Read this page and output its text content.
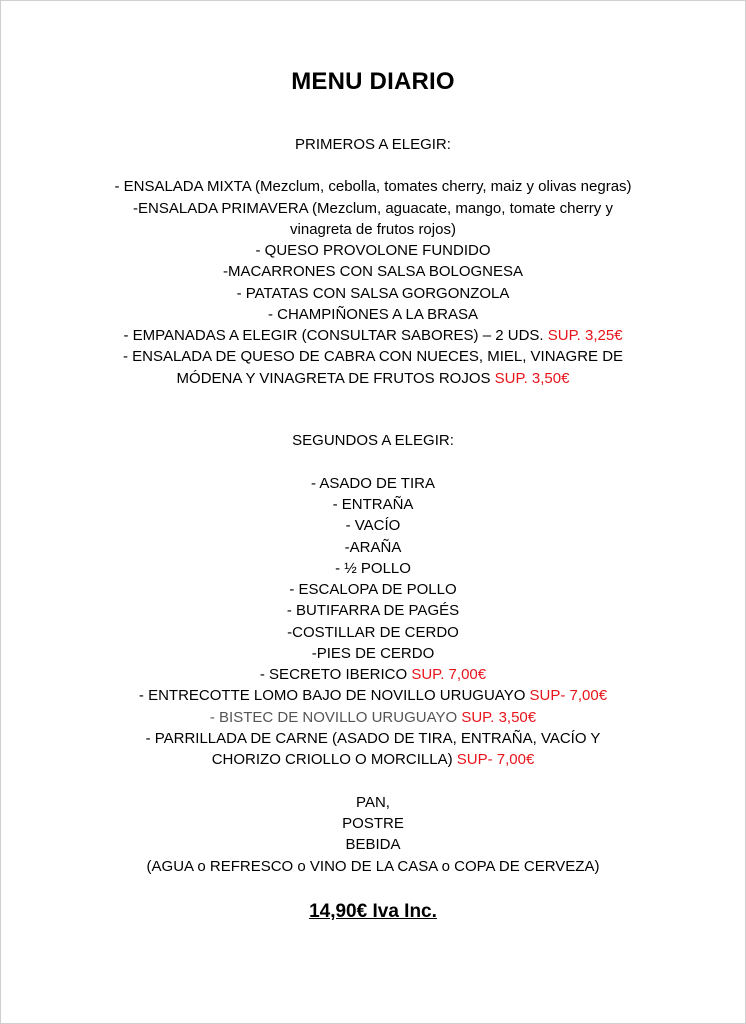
MENU DIARIO
PRIMEROS A ELEGIR:
- ENSALADA MIXTA (Mezclum, cebolla, tomates cherry, maiz y olivas negras)
-ENSALADA PRIMAVERA (Mezclum, aguacate, mango, tomate cherry y
vinagreta de frutos rojos)
- QUESO PROVOLONE FUNDIDO
-MACARRONES CON SALSA BOLOGNESA
- PATATAS CON SALSA GORGONZOLA
- CHAMPIÑONES A LA BRASA
- EMPANADAS A ELEGIR (CONSULTAR SABORES) – 2 UDS. SUP. 3,25€
- ENSALADA DE QUESO DE CABRA CON NUECES, MIEL, VINAGRE DE
MÓDENA Y VINAGRETA DE FRUTOS ROJOS SUP. 3,50€
SEGUNDOS A ELEGIR:
- ASADO DE TIRA
- ENTRAÑA
- VACÍO
-ARAÑA
- ½ POLLO
- ESCALOPA DE POLLO
- BUTIFARRA DE PAGÉS
-COSTILLAR DE CERDO
-PIES DE CERDO
- SECRETO IBERICO SUP. 7,00€
- ENTRECOTTE LOMO BAJO DE NOVILLO URUGUAYO SUP- 7,00€
- BISTEC DE NOVILLO URUGUAYO SUP. 3,50€
- PARRILLADA DE CARNE (ASADO DE TIRA, ENTRAÑA, VACÍO Y
CHORIZO CRIOLLO O MORCILLA) SUP- 7,00€
PAN,
POSTRE
BEBIDA
(AGUA o REFRESCO o VINO DE LA CASA o COPA DE CERVEZA)
14,90€ Iva Inc.
